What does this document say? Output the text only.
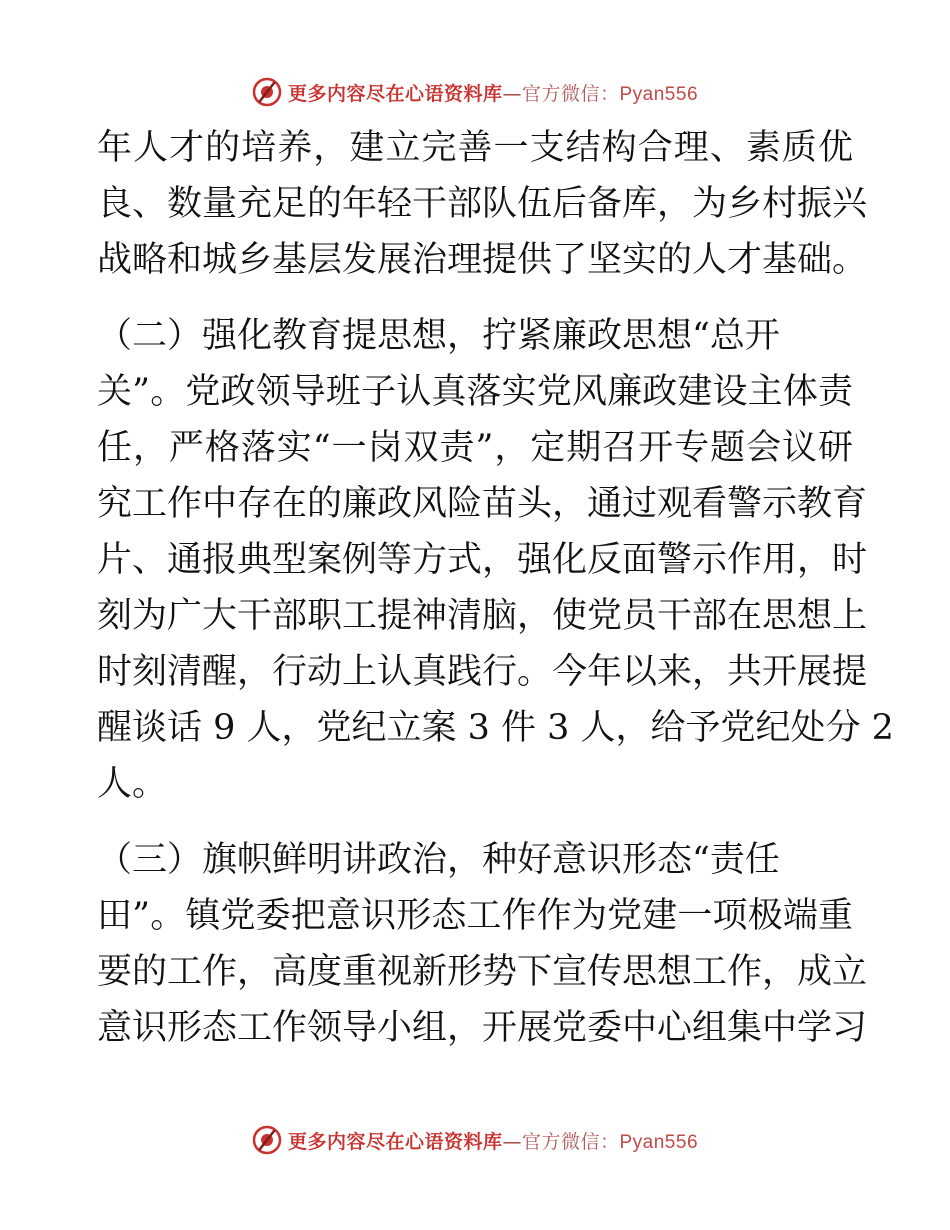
更多内容尽在心语资料库—官方微信：Pyan556
年人才的培养，建立完善一支结构合理、素质优
良、数量充足的年轻干部队伍后备库，为乡村振兴
战略和城乡基层发展治理提供了坚实的人才基础。
（二）强化教育提思想，拧紧廉政思想“总开
关”。党政领导班子认真落实党风廉政建设主体责
任，严格落实“一岗双责”，定期召开专题会议研
究工作中存在的廉政风险苗头，通过观看警示教育
片、通报典型案例等方式，强化反面警示作用，时
刻为广大干部职工提神清脑，使党员干部在思想上
时刻清醒，行动上认真践行。今年以来，共开展提
醒谈话 9 人，党纪立案 3 件 3 人，给予党纪处分 2
人。
（三）旗帜鲜明讲政治，种好意识形态“责任
田”。镇党委把意识形态工作作为党建一项极端重
要的工作，高度重视新形势下宣传思想工作，成立
意识形态工作领导小组，开展党委中心组集中学习
更多内容尽在心语资料库—官方微信：Pyan556
